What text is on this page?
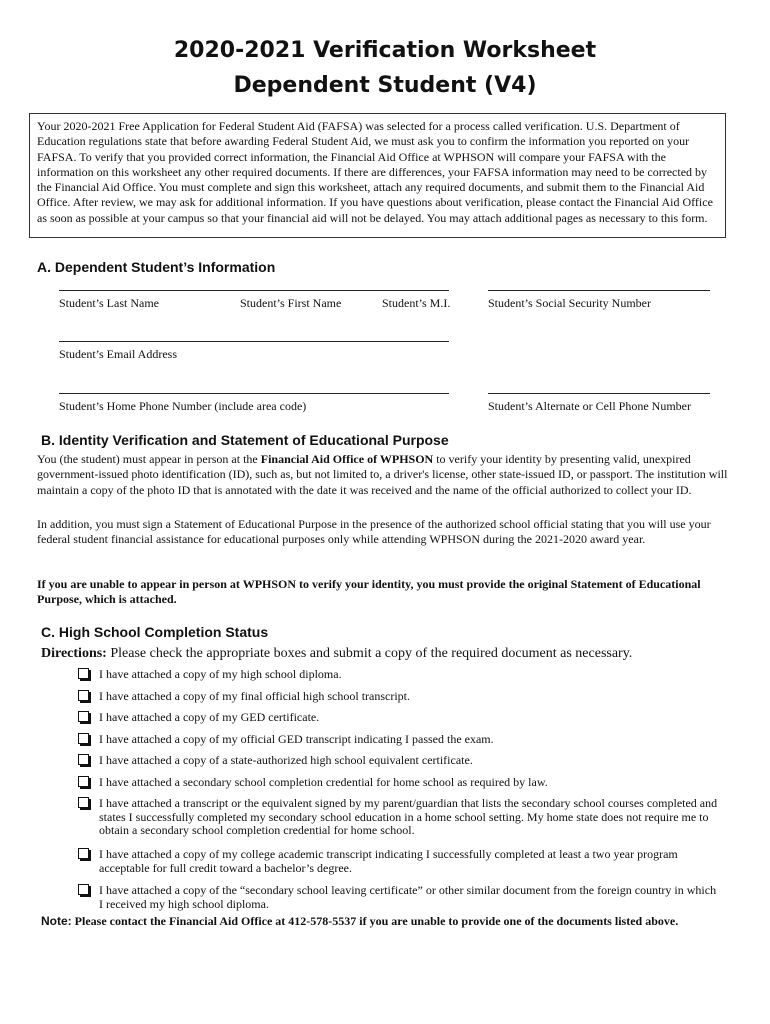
2020-2021 Verification Worksheet
Dependent Student (V4)
Your 2020-2021 Free Application for Federal Student Aid (FAFSA) was selected for a process called verification. U.S. Department of Education regulations state that before awarding Federal Student Aid, we must ask you to confirm the information you reported on your FAFSA. To verify that you provided correct information, the Financial Aid Office at WPHSON will compare your FAFSA with the information on this worksheet any other required documents. If there are differences, your FAFSA information may need to be corrected by the Financial Aid Office. You must complete and sign this worksheet, attach any required documents, and submit them to the Financial Aid Office. After review, we may ask for additional information. If you have questions about verification, please contact the Financial Aid Office as soon as possible at your campus so that your financial aid will not be delayed. You may attach additional pages as necessary to this form.
A. Dependent Student’s Information
Student’s Last Name	Student’s First Name	Student’s M.I.	Student’s Social Security Number
Student’s Email Address
Student’s Home Phone Number (include area code)	Student’s Alternate or Cell Phone Number
B. Identity Verification and Statement of Educational Purpose
You (the student) must appear in person at the Financial Aid Office of WPHSON to verify your identity by presenting valid, unexpired government-issued photo identification (ID), such as, but not limited to, a driver's license, other state-issued ID, or passport. The institution will maintain a copy of the photo ID that is annotated with the date it was received and the name of the official authorized to collect your ID.
In addition, you must sign a Statement of Educational Purpose in the presence of the authorized school official stating that you will use your federal student financial assistance for educational purposes only while attending WPHSON during the 2021-2020 award year.
If you are unable to appear in person at WPHSON to verify your identity, you must provide the original Statement of Educational Purpose, which is attached.
C. High School Completion Status
Directions: Please check the appropriate boxes and submit a copy of the required document as necessary.
I have attached a copy of my high school diploma.
I have attached a copy of my final official high school transcript.
I have attached a copy of my GED certificate.
I have attached a copy of my official GED transcript indicating I passed the exam.
I have attached a copy of a state-authorized high school equivalent certificate.
I have attached a secondary school completion credential for home school as required by law.
I have attached a transcript or the equivalent signed by my parent/guardian that lists the secondary school courses completed and states I successfully completed my secondary school education in a home school setting. My home state does not require me to obtain a secondary school completion credential for home school.
I have attached a copy of my college academic transcript indicating I successfully completed at least a two year program acceptable for full credit toward a bachelor’s degree.
I have attached a copy of the “secondary school leaving certificate” or other similar document from the foreign country in which I received my high school diploma.
Note: Please contact the Financial Aid Office at 412-578-5537 if you are unable to provide one of the documents listed above.
